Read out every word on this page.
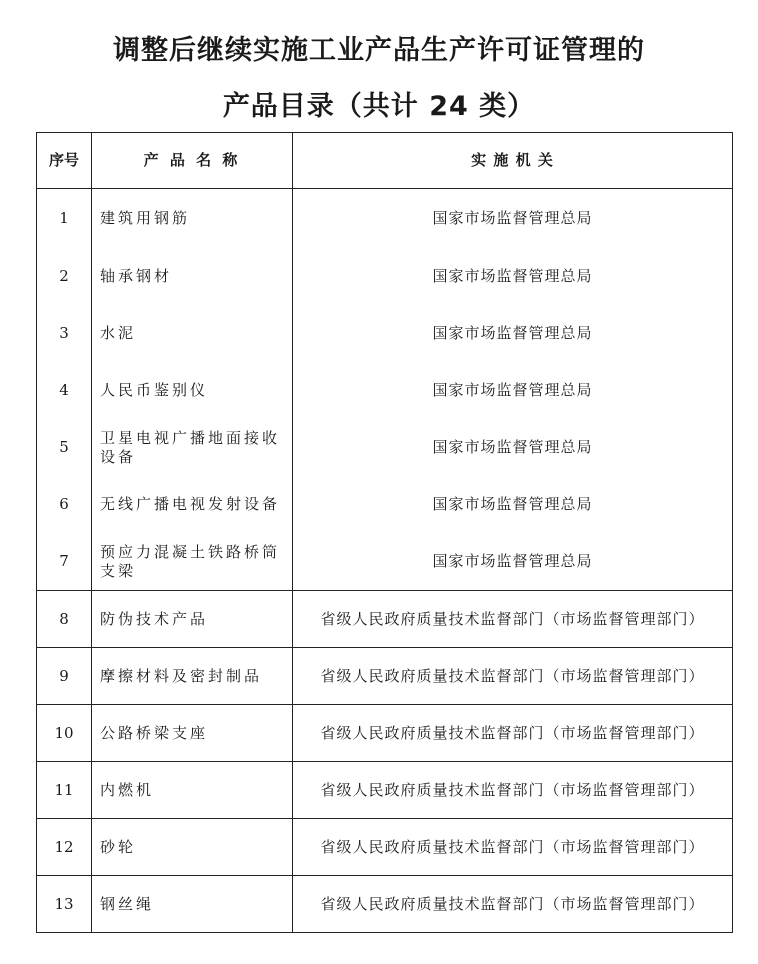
调整后继续实施工业产品生产许可证管理的
产品目录（共计 24 类）
序号	产 品 名 称	实 施 机 关
1	建筑用钢筋	国家市场监督管理总局
2	轴承钢材	国家市场监督管理总局
3	水泥	国家市场监督管理总局
4	人民币鉴别仪	国家市场监督管理总局
5	卫星电视广播地面接收设备	国家市场监督管理总局
6	无线广播电视发射设备	国家市场监督管理总局
7	预应力混凝土铁路桥筒支梁	国家市场监督管理总局
8	防伪技术产品	省级人民政府质量技术监督部门（市场监督管理部门）
9	摩擦材料及密封制品	省级人民政府质量技术监督部门（市场监督管理部门）
10	公路桥梁支座	省级人民政府质量技术监督部门（市场监督管理部门）
11	内燃机	省级人民政府质量技术监督部门（市场监督管理部门）
12	砂轮	省级人民政府质量技术监督部门（市场监督管理部门）
13	钢丝绳	省级人民政府质量技术监督部门（市场监督管理部门）
